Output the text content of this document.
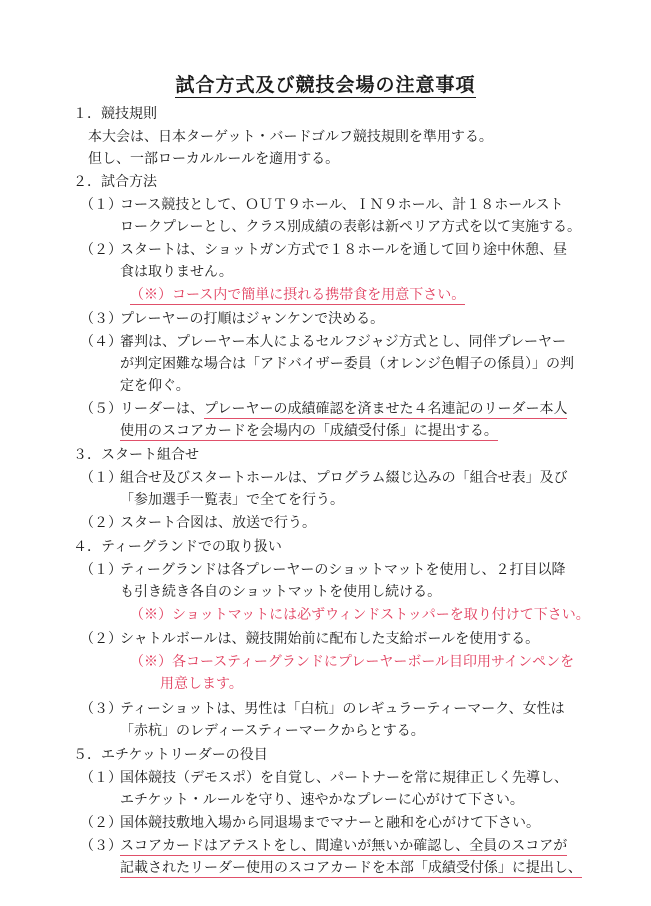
試合方式及び競技会場の注意事項
１．競技規則
本大会は、日本ターゲット・バードゴルフ競技規則を準用する。
但し、一部ローカルルールを適用する。
２．試合方法
（１）
コース競技として、ＯＵＴ９ホール、ＩＮ９ホール、計１８ホールスト
ロークプレーとし、クラス別成績の表彰は新ペリア方式を以て実施する。
（２）
スタートは、ショットガン方式で１８ホールを通して回り途中休憩、昼
食は取りません。
（※）コース内で簡単に摂れる携帯食を用意下さい。
（３）
プレーヤーの打順はジャンケンで決める。
（４）
審判は、プレーヤー本人によるセルフジャジ方式とし、同伴プレーヤー
が判定困難な場合は「アドバイザー委員（オレンジ色帽子の係員）」の判
定を仰ぐ。
（５）
リーダーは、プレーヤーの成績確認を済ませた４名連記のリーダー本人
使用のスコアカードを会場内の「成績受付係」に提出する。
３．スタート組合せ
（１）
組合せ及びスタートホールは、プログラム綴じ込みの「組合せ表」及び
「参加選手一覧表」で全てを行う。
（２）
スタート合図は、放送で行う。
４．ティーグランドでの取り扱い
（１）
ティーグランドは各プレーヤーのショットマットを使用し、２打目以降
も引き続き各自のショットマットを使用し続ける。
（※）ショットマットには必ずウィンドストッパーを取り付けて下さい。
（２）
シャトルボールは、競技開始前に配布した支給ボールを使用する。
（※）各コースティーグランドにプレーヤーボール目印用サインペンを
用意します。
（３）
ティーショットは、男性は「白杭」のレギュラーティーマーク、女性は
「赤杭」のレディースティーマークからとする。
５．エチケットリーダーの役目
（１）
国体競技（デモスポ）を自覚し、パートナーを常に規律正しく先導し、
エチケット・ルールを守り、速やかなプレーに心がけて下さい。
（２）
国体競技敷地入場から同退場までマナーと融和を心がけて下さい。
（３）
スコアカードはアテストをし、間違いが無いか確認し、全員のスコアが
記載されたリーダー使用のスコアカードを本部「成績受付係」に提出し、
